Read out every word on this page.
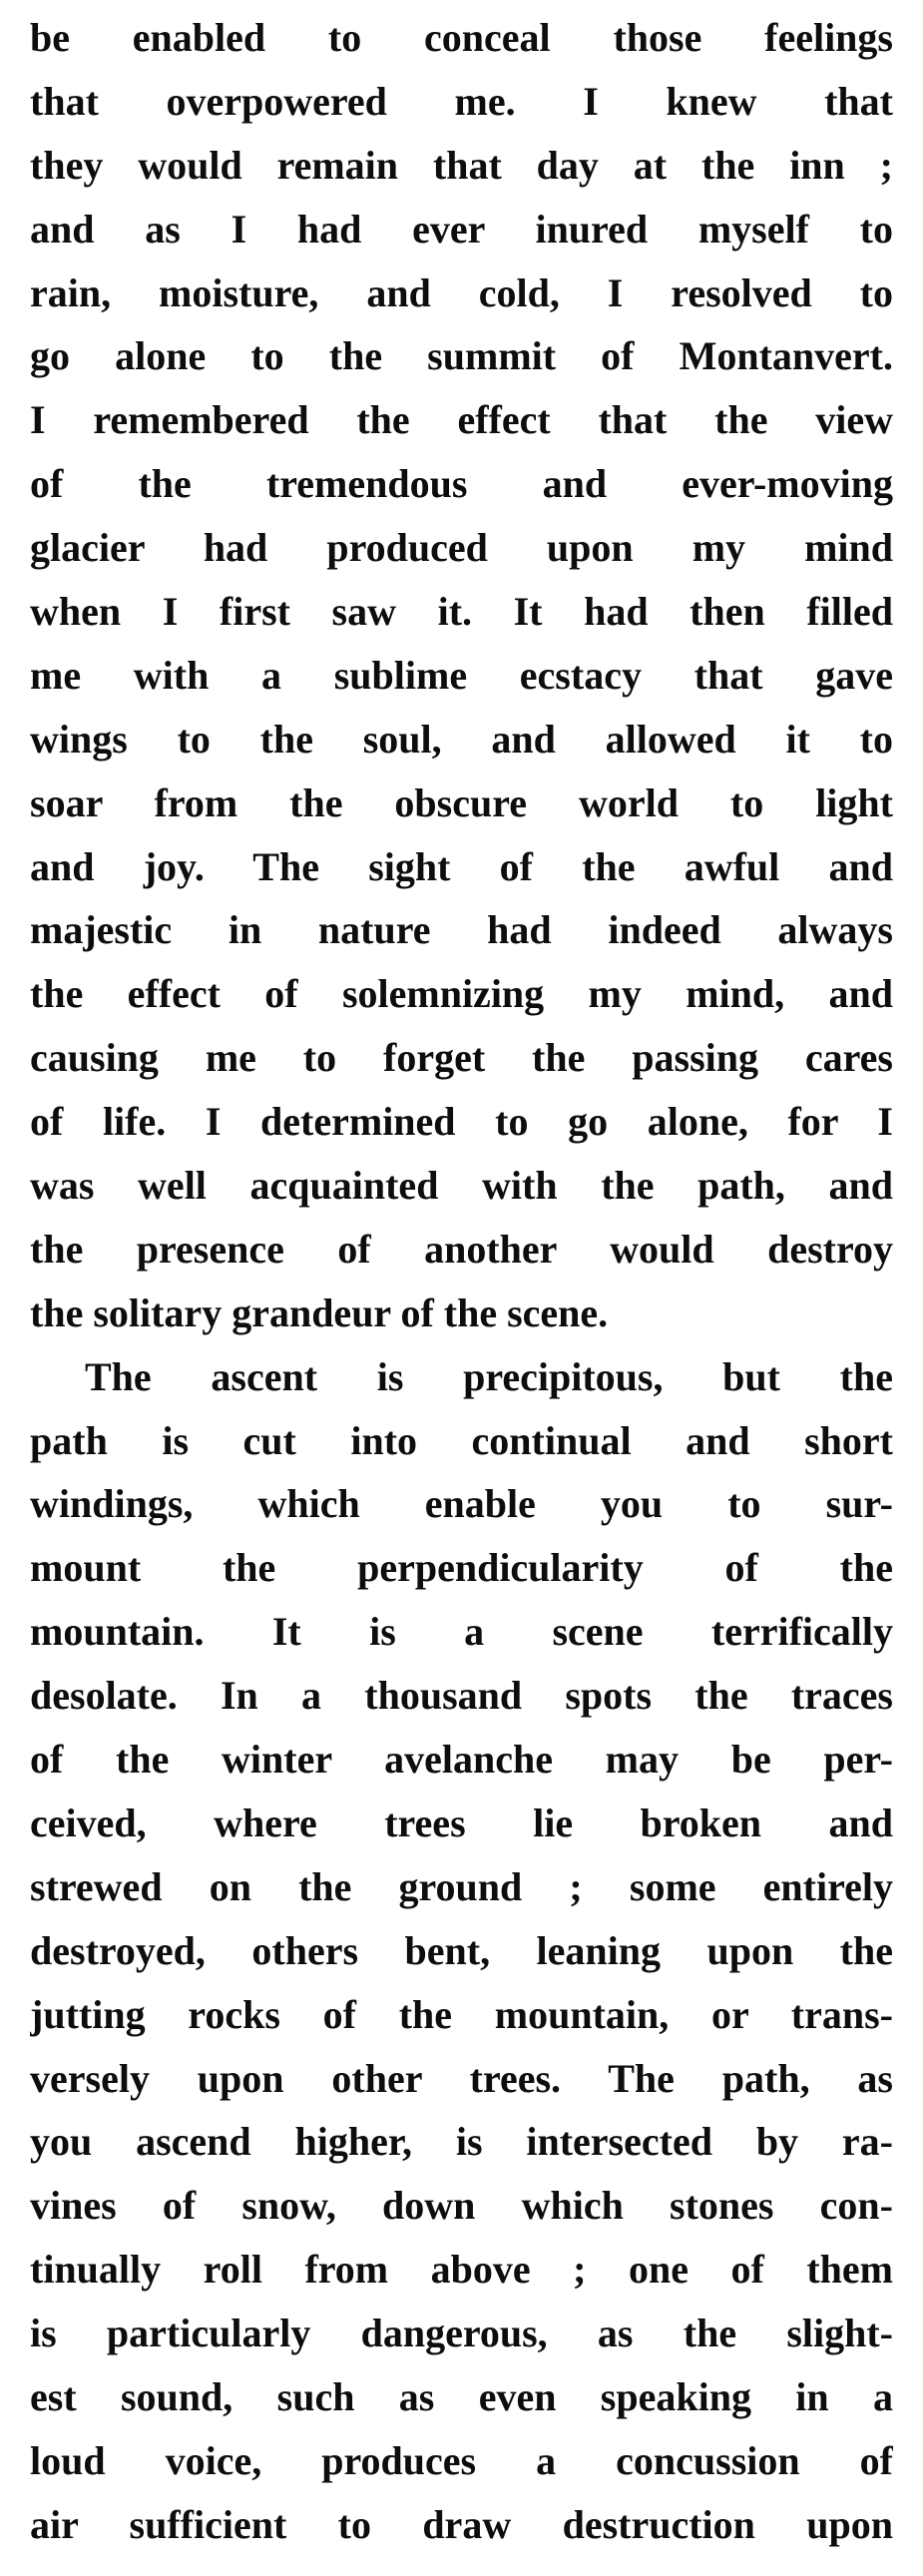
be enabled to conceal those feelings
that overpowered me. I knew that
they would remain that day at the inn ;
and as I had ever inured myself to
rain, moisture, and cold, I resolved to
go alone to the summit of Montanvert.
I remembered the effect that the view
of the tremendous and ever-moving
glacier had produced upon my mind
when I first saw it. It had then filled
me with a sublime ecstacy that gave
wings to the soul, and allowed it to
soar from the obscure world to light
and joy. The sight of the awful and
majestic in nature had indeed always
the effect of solemnizing my mind, and
causing me to forget the passing cares
of life. I determined to go alone, for I
was well acquainted with the path, and
the presence of another would destroy
the solitary grandeur of the scene.
The ascent is precipitous, but the
path is cut into continual and short
windings, which enable you to sur-
mount the perpendicularity of the
mountain. It is a scene terrifically
desolate. In a thousand spots the traces
of the winter avelanche may be per-
ceived, where trees lie broken and
strewed on the ground ; some entirely
destroyed, others bent, leaning upon the
jutting rocks of the mountain, or trans-
versely upon other trees. The path, as
you ascend higher, is intersected by ra-
vines of snow, down which stones con-
tinually roll from above ; one of them
is particularly dangerous, as the slight-
est sound, such as even speaking in a
loud voice, produces a concussion of
air sufficient to draw destruction upon
